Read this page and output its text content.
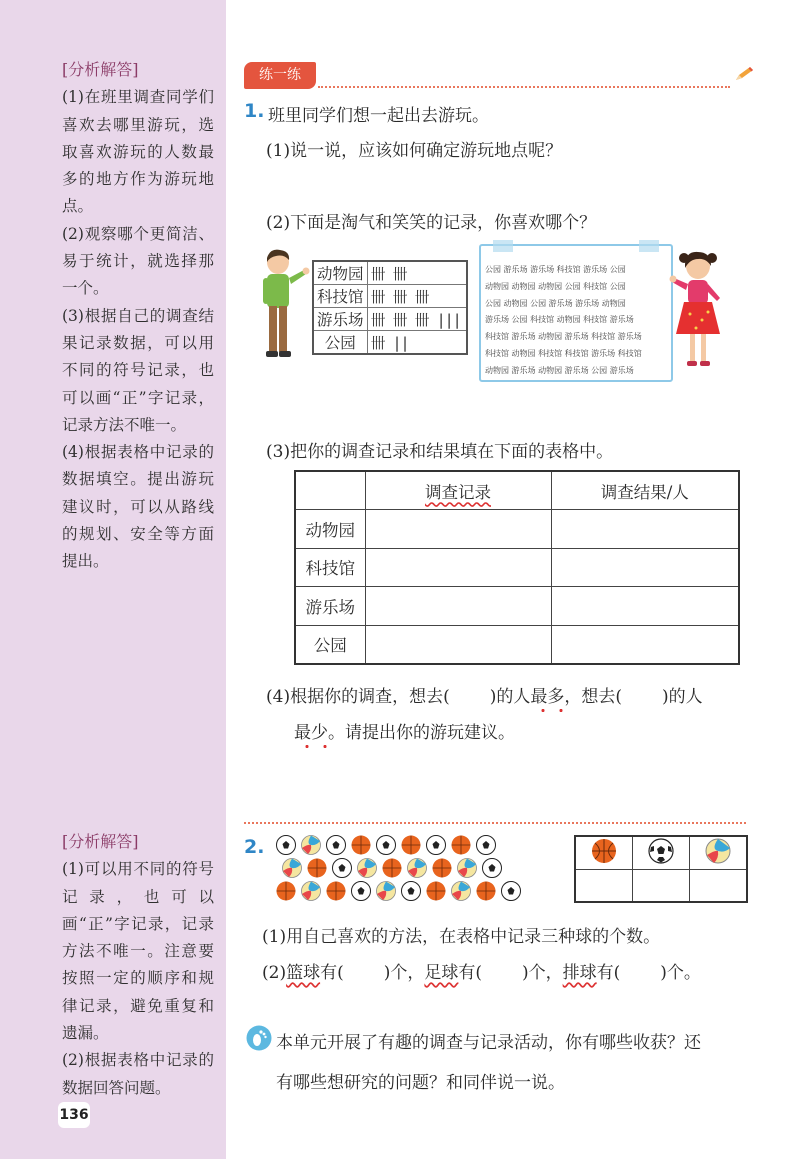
[分析解答]

(1)在班里调查同学们喜欢去哪里游玩，选取喜欢游玩的人数最多的地方作为游玩地点。

(2)观察哪个更简洁、易于统计，就选择那一个。

(3)根据自己的调查结果记录数据，可以用不同的符号记录，也可以画“正”字记录，记录方法不唯一。

(4)根据表格中记录的数据填空。提出游玩建议时，可以从路线的规划、安全等方面提出。

[分析解答]

(1)可以用不同的符号记录，也可以画“正”字记录，记录方法不唯一。注意要按照一定的顺序和规律记录，避免重复和遗漏。

(2)根据表格中记录的数据回答问题。

136
练一练
1. 班里同学们想一起出去游玩。
(1)说一说，应该如何确定游玩地点呢？
(2)下面是淘气和笑笑的记录，你喜欢哪个？
动物园	卌 卌
科技馆	卌 卌 卌
游乐场	卌 卌 卌 |||
公园	卌 ||
公园 游乐场 游乐场 科技馆 游乐场 公园
动物园 动物园 动物园 公园 科技馆 公园
公园 动物园 公园 游乐场 游乐场 动物园
游乐场 公园 科技馆 动物园 科技馆 游乐场
科技馆 游乐场 动物园 游乐场 科技馆 游乐场
科技馆 动物园 科技馆 科技馆 游乐场 科技馆
动物园 游乐场 动物园 游乐场 公园 游乐场
(3)把你的调查记录和结果填在下面的表格中。
	调查记录	调查结果/人
动物园		
科技馆		
游乐场		
公园		
(4)根据你的调查，想去( )的人最多，想去( )的人
最少。请提出你的游玩建议。
2.

(1)用自己喜欢的方法，在表格中记录三种球的个数。
(2)篮球有( )个，足球有( )个，排球有( )个。
本单元开展了有趣的调查与记录活动，你有哪些收获？还
有哪些想研究的问题？和同伴说一说。
